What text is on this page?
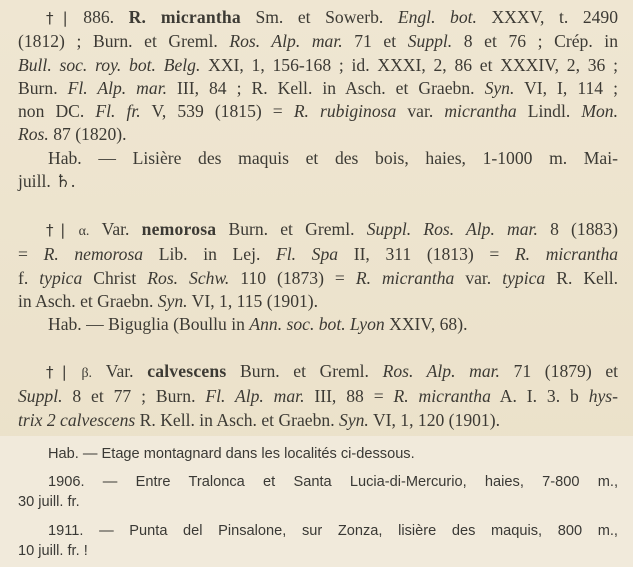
†| 886. R. micrantha Sm. et Sowerb. Engl. bot. XXXV, t. 2490
(1812) ; Burn. et Greml. Ros. Alp. mar. 71 et Suppl. 8 et 76 ; Crép. in
Bull. soc. roy. bot. Belg. XXI, 1, 156-168 ; id. XXXI, 2, 86 et XXXIV, 2, 36 ;
Burn. Fl. Alp. mar. III, 84 ; R. Kell. in Asch. et Graebn. Syn. VI, I, 114 ;
non DC. Fl. fr. V, 539 (1815) = R. rubiginosa var. micrantha Lindl. Mon.
Ros. 87 (1820).
Hab. — Lisière des maquis et des bois, haies, 1-1000 m. Mai-
juill. ♄.
†| α. Var. nemorosa Burn. et Greml. Suppl. Ros. Alp. mar. 8 (1883)
= R. nemorosa Lib. in Lej. Fl. Spa II, 311 (1813) = R. micrantha
f. typica Christ Ros. Schw. 110 (1873) = R. micrantha var. typica R. Kell.
in Asch. et Graebn. Syn. VI, 1, 115 (1901).
Hab. — Biguglia (Boullu in Ann. soc. bot. Lyon XXIV, 68).
†| β. Var. calvescens Burn. et Greml. Ros. Alp. mar. 71 (1879) et
Suppl. 8 et 77 ; Burn. Fl. Alp. mar. III, 88 = R. micrantha A. I. 3. b hys-
trix 2 calvescens R. Kell. in Asch. et Graebn. Syn. VI, 1, 120 (1901).
Hab. — Etage montagnard dans les localités ci-dessous.
1906. — Entre Tralonca et Santa Lucia-di-Mercurio, haies, 7-800 m.,
30 juill. fr.
1911. — Punta del Pinsalone, sur Zonza, lisière des maquis, 800 m.,
10 juill. fr. !
